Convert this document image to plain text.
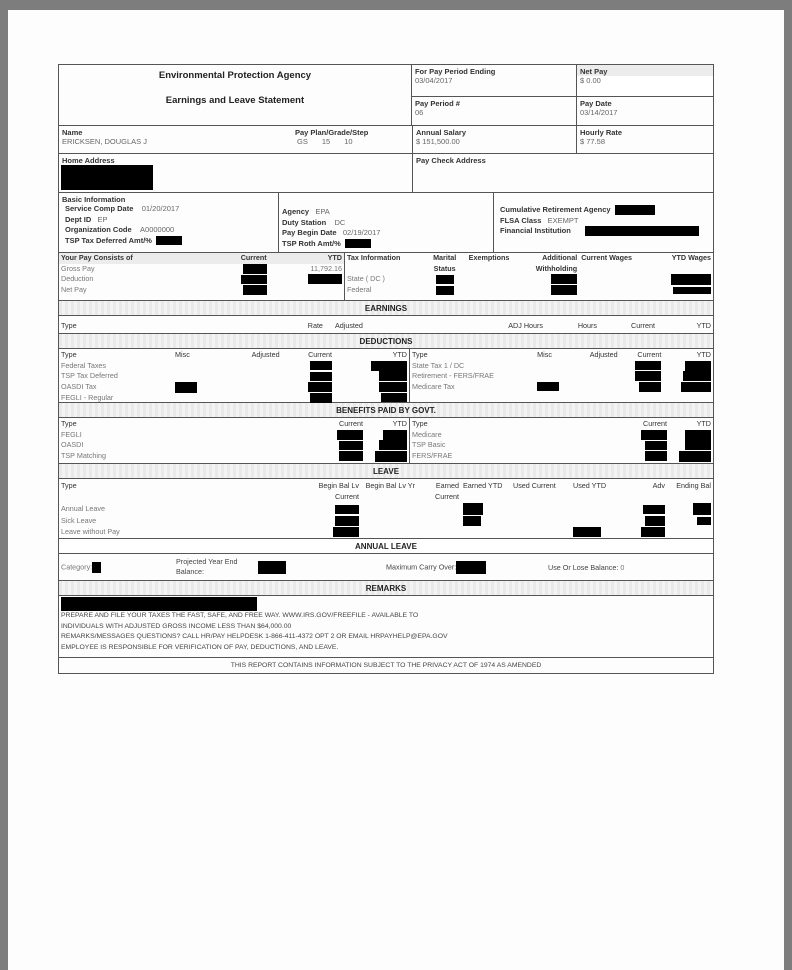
Environmental Protection Agency
Earnings and Leave Statement
For Pay Period Ending
03/04/2017
Net Pay
$ 0.00
Pay Period #
06
Pay Date
03/14/2017
Name
ERICKSEN, DOUGLAS J
Pay Plan/Grade/Step
GS 15 10
Annual Salary
$ 151,500.00
Hourly Rate
$ 77.58
Home Address	Pay Check Address
Basic Information
Service Comp Date 01/20/2017
Dept ID EP
Organization Code A0000000
TSP Tax Deferred Amt/%
Agency EPA
Duty Station DC
Pay Begin Date 02/19/2017
TSP Roth Amt/%
Cumulative Retirement Agency
FLSA Class EXEMPT
Financial Institution
Your Pay Consists of	Current	YTD
Gross Pay		11,792.16
Deduction		
Net Pay		
Tax Information	Marital Status	Exemptions	Additional Withholding	Current Wages	YTD Wages
State ( DC )					
Federal					
EARNINGS
Type		Rate	Adjusted	ADJ Hours	Hours	Current	YTD
DEDUCTIONS
Type	Misc	Adjusted	Current	YTD
Federal Taxes				
TSP Tax Deferred				
OASDI Tax				
FEGLI - Regular				
Type	Misc	Adjusted	Current	YTD
State Tax 1 / DC				
Retirement - FERS/FRAE				
Medicare Tax				

BENEFITS PAID BY GOVT.
Type	Current	YTD
FEGLI		
OASDI		
TSP Matching		
Type	Current	YTD
Medicare		
TSP Basic		
FERS/FRAE		
LEAVE
Type	Begin Bal Lv Current	Begin Bal Lv Yr	Earned Current	Earned YTD	Used Current	Used YTD	Adv	Ending Bal
Annual Leave								
Sick Leave								
Leave without Pay								
ANNUAL LEAVE
Category:
Projected Year End Balance:
Maximum Carry Over:	Use Or Lose Balance: 0
REMARKS
PREPARE AND FILE YOUR TAXES THE FAST, SAFE, AND FREE WAY. WWW.IRS.GOV/FREEFILE - AVAILABLE TO
INDIVIDUALS WITH ADJUSTED GROSS INCOME LESS THAN $64,000.00
REMARKS/MESSAGES QUESTIONS? CALL HR/PAY HELPDESK 1-866-411-4372 OPT 2 OR EMAIL HRPAYHELP@EPA.GOV
EMPLOYEE IS RESPONSIBLE FOR VERIFICATION OF PAY, DEDUCTIONS, AND LEAVE.
THIS REPORT CONTAINS INFORMATION SUBJECT TO THE PRIVACY ACT OF 1974 AS AMENDED
